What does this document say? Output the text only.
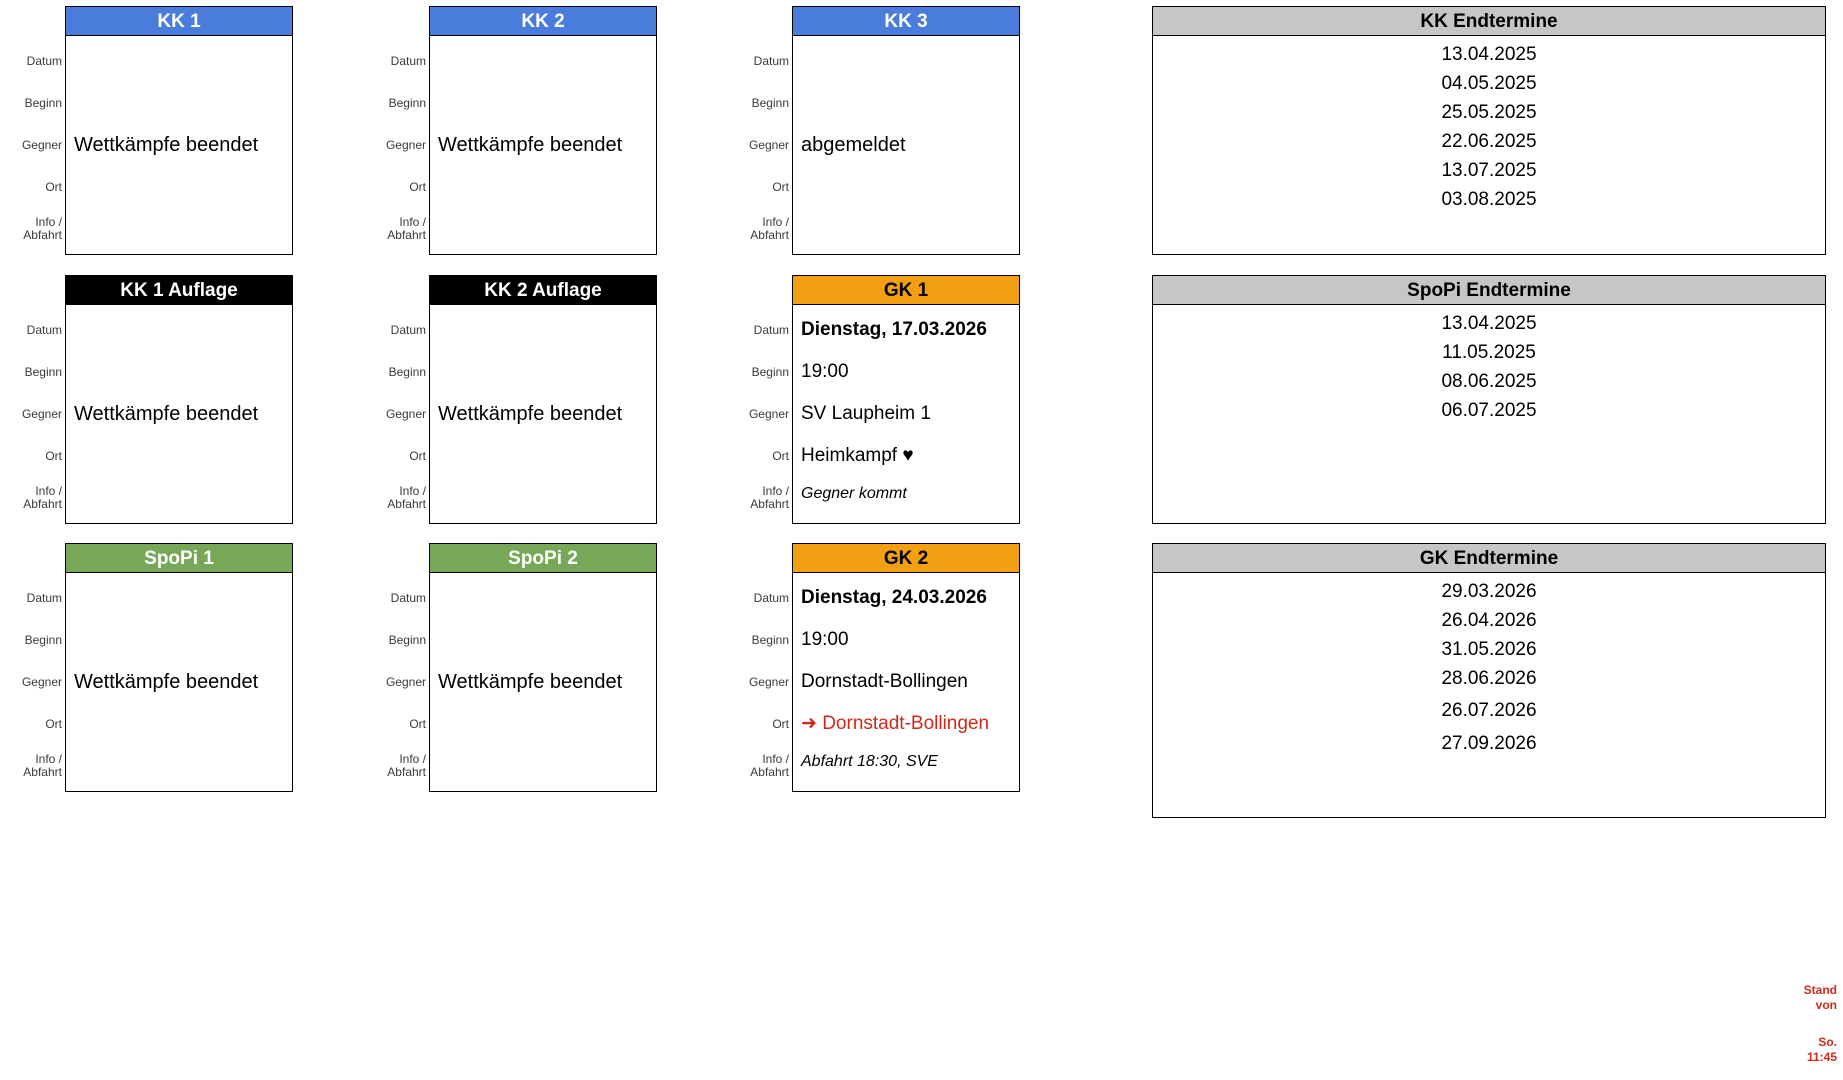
KK 1
Datum
Beginn
Gegner
Ort
Info /
Abfahrt
Wettkämpfe beendet
KK 1 Auflage
Datum
Beginn
Gegner
Ort
Info /
Abfahrt
Wettkämpfe beendet
SpoPi 1
Datum
Beginn
Gegner
Ort
Info /
Abfahrt
Wettkämpfe beendet
KK 2
Datum
Beginn
Gegner
Ort
Info /
Abfahrt
Wettkämpfe beendet
KK 2 Auflage
Datum
Beginn
Gegner
Ort
Info /
Abfahrt
Wettkämpfe beendet
SpoPi 2
Datum
Beginn
Gegner
Ort
Info /
Abfahrt
Wettkämpfe beendet
KK 3
Datum
Beginn
Gegner
Ort
Info /
Abfahrt
abgemeldet
GK 1
Datum
Beginn
Gegner
Ort
Info /
Abfahrt
Dienstag, 17.03.2026
19:00
SV Laupheim 1
Heimkampf ♥
Gegner kommt
GK 2
Datum
Beginn
Gegner
Ort
Info /
Abfahrt
Dienstag, 24.03.2026
19:00
Dornstadt-Bollingen
➜ Dornstadt-Bollingen
Abfahrt 18:30, SVE
KK Endtermine
13.04.2025
04.05.2025
25.05.2025
22.06.2025
13.07.2025
03.08.2025
SpoPi Endtermine
13.04.2025
11.05.2025
08.06.2025
06.07.2025
GK Endtermine
29.03.2026
26.04.2026
31.05.2026
28.06.2026
26.07.2026
27.09.2026
Stand
von
So.
11:45
